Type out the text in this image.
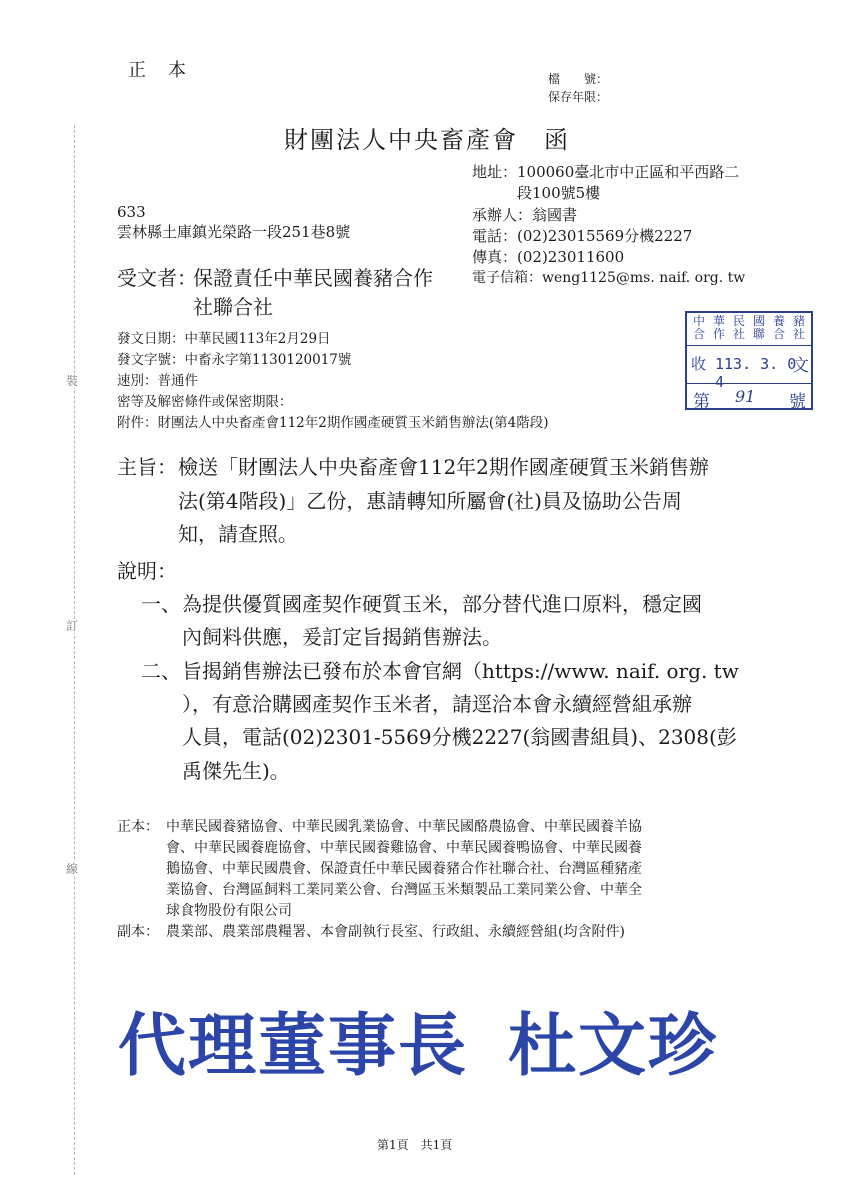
裝
訂
線
正　本	檔　　號：
保存年限：
財團法人中央畜產會　函
地址：100060臺北市中正區和平西路二
段100號5樓
承辦人：翁國書
電話：(02)23015569分機2227
傳真：(02)23011600
電子信箱：weng1125@ms. naif. org. tw
633
雲林縣土庫鎮光榮路一段251巷8號
受文者：
保證責任中華民國養豬合作
社聯合社
發文日期：中華民國113年2月29日
發文字號：中畜永字第1130120017號
速別：普通件
密等及解密條件或保密期限：
附件：財團法人中央畜產會112年2期作國產硬質玉米銷售辦法(第4階段)
中合
華作
民社
國聯
養合
豬社
收 113. 3. 0 4
文
第 91 號
主旨： 檢送「財團法人中央畜產會112年2期作國產硬質玉米銷售辦
法(第4階段)」乙份，惠請轉知所屬會(社)員及協助公告周
知，請查照。
說明：
一、 為提供優質國產契作硬質玉米，部分替代進口原料，穩定國
內飼料供應，爰訂定旨揭銷售辦法。
二、 旨揭銷售辦法已發布於本會官網（https://www. naif. org. tw
），有意洽購國產契作玉米者，請逕洽本會永續經營組承辦
人員，電話(02)2301-5569分機2227(翁國書組員)、2308(彭
禹傑先生)。
正本： 中華民國養豬協會、中華民國乳業協會、中華民國酪農協會、中華民國養羊協
會、中華民國養鹿協會、中華民國養雞協會、中華民國養鴨協會、中華民國養
鵝協會、中華民國農會、保證責任中華民國養豬合作社聯合社、台灣區種豬產
業協會、台灣區飼料工業同業公會、台灣區玉米類製品工業同業公會、中華全
球食物股份有限公司
副本： 農業部、農業部農糧署、本會副執行長室、行政組、永續經營組(均含附件)
代理董事長 杜文珍
第1頁　共1頁
